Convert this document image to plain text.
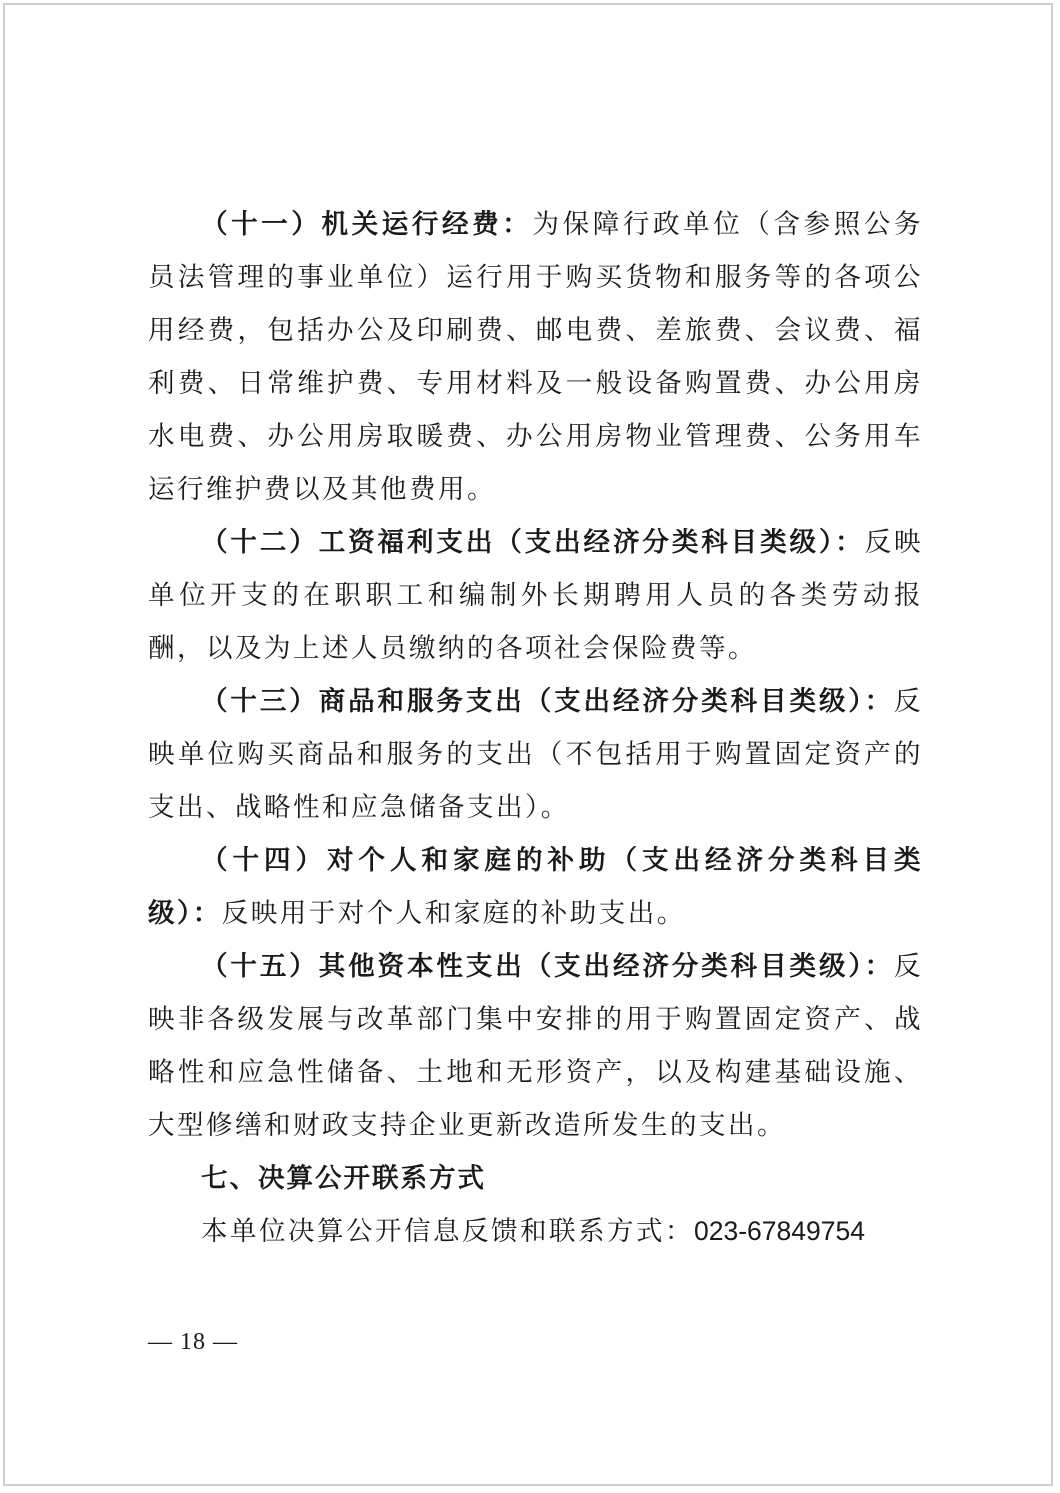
（十一）机关运行经费：为保障行政单位（含参照公务员法管理的事业单位）运行用于购买货物和服务等的各项公用经费，包括办公及印刷费、邮电费、差旅费、会议费、福利费、日常维护费、专用材料及一般设备购置费、办公用房水电费、办公用房取暖费、办公用房物业管理费、公务用车运行维护费以及其他费用。

（十二）工资福利支出（支出经济分类科目类级）：反映单位开支的在职职工和编制外长期聘用人员的各类劳动报酬，以及为上述人员缴纳的各项社会保险费等。

（十三）商品和服务支出（支出经济分类科目类级）：反映单位购买商品和服务的支出（不包括用于购置固定资产的支出、战略性和应急储备支出）。

（十四）对个人和家庭的补助（支出经济分类科目类级）：反映用于对个人和家庭的补助支出。

（十五）其他资本性支出（支出经济分类科目类级）：反映非各级发展与改革部门集中安排的用于购置固定资产、战略性和应急性储备、土地和无形资产，以及构建基础设施、大型修缮和财政支持企业更新改造所发生的支出。

七、决算公开联系方式

本单位决算公开信息反馈和联系方式：023-67849754

— 18 —
